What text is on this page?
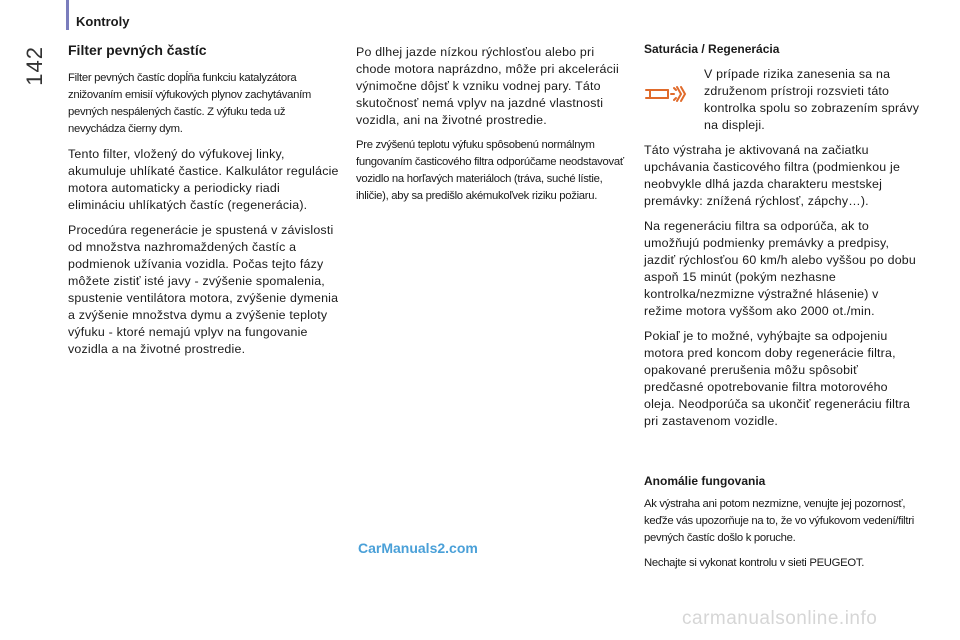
Kontroly
142 Filter pevných častíc

Filter pevných častíc dopĺňa funkciu katalyzátora znižovaním emisií výfukových plynov zachytávaním pevných nespálených častíc. Z výfuku teda už nevychádza čierny dym.

Tento filter, vložený do výfukovej linky, akumuluje uhlíkaté častice. Kalkulátor regulácie motora automaticky a periodicky riadi elimináciu uhlíkatých častíc (regenerácia).

Procedúra regenerácie je spustená v závislosti od množstva nazhromaždených častíc a podmienok užívania vozidla. Počas tejto fázy môžete zistiť isté javy - zvýšenie spomalenia, spustenie ventilátora motora, zvýšenie dymenia a zvýšenie množstva dymu a zvýšenie teploty výfuku - ktoré nemajú vplyv na fungovanie vozidla a na životné prostredie.

Po dlhej jazde nízkou rýchlosťou alebo pri chode motora naprázdno, môže pri akcelerácii výnimočne dôjsť k vzniku vodnej pary. Táto skutočnosť nemá vplyv na jazdné vlastnosti vozidla, ani na životné prostredie.

Pre zvýšenú teplotu výfuku spôsobenú normálnym fungovaním časticového filtra odporúčame neodstavovať vozidlo na horľavých materiáloch (tráva, suché lístie, ihličie), aby sa predišlo akémukoľvek riziku požiaru.

Saturácia / Regenerácia
V prípade rizika zanesenia sa na združenom prístroji rozsvieti táto kontrolka spolu so zobrazením správy na displeji.

Táto výstraha je aktivovaná na začiatku upchávania časticového filtra (podmienkou je neobvykle dlhá jazda charakteru mestskej premávky: znížená rýchlosť, zápchy…).

Na regeneráciu filtra sa odporúča, ak to umožňujú podmienky premávky a predpisy, jazdiť rýchlosťou 60 km/h alebo vyššou po dobu aspoň 15 minút (pokým nezhasne kontrolka/nezmizne výstražné hlásenie) v režime motora vyššom ako 2000 ot./min.

Pokiaľ je to možné, vyhýbajte sa odpojeniu motora pred koncom doby regenerácie filtra, opakované prerušenia môžu spôsobiť predčasné opotrebovanie filtra motorového oleja. Neodporúča sa ukončiť regeneráciu filtra pri zastavenom vozidle.

Anomálie fungovania

Ak výstraha ani potom nezmizne, venujte jej pozornosť, keďže vás upozorňuje na to, že vo výfukovom vedení/filtri pevných častíc došlo k poruche.

Nechajte si vykonat kontrolu v sieti PEUGEOT.

CarManuals2.com
carmanualsonline.info
